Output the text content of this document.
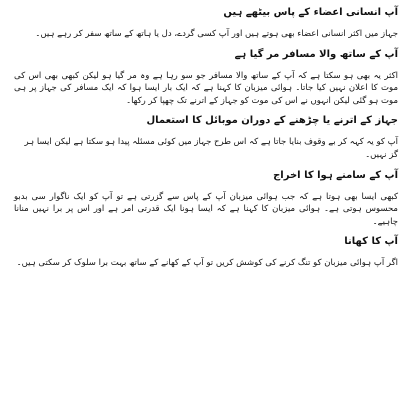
آپ انسانی اعضاء کے پاس بیٹھے ہیں

جہاز میں اکثر انسانی اعضاء بھی ہوتے ہیں اور آپ کسی گردے، دل یا ہاتھ کے ساتھ سفر کر رہے ہیں۔

آپ کے ساتھ والا مسافر مر گیا ہے

اکثر یہ بھی ہو سکتا ہے کہ آپ کے ساتھ والا مسافر جو سو رہا ہے وہ مر گیا ہو لیکن کبھی بھی اس کی موت کا اعلان نہیں کیا جاتا۔ ہوائی میزبان کا کہنا ہے کہ ایک بار ایسا ہوا کہ ایک مسافر کی جہاز پر ہی موت ہو گئی لیکن انہوں نے اس کی موت کو جہاز کے اترنے تک چھپا کر رکھا۔

جہاز کے اترنے یا چڑھنے کے دوران موبائل کا استعمال

آپ کو یہ کہہ کر بے وقوف بنایا جاتا ہے کہ اس طرح جہاز میں کوئی مسئلہ پیدا ہو سکتا ہے لیکن ایسا ہر گز نہیں۔

آپ کے سامنے ہوا کا اخراج

کبھی ایسا بھی ہوتا ہے کہ جب ہوائی میزبان آپ کے پاس سے گزرتی ہے تو آپ کو ایک ناگوار سی بدبو محسوس ہوتی ہے۔ ہوائی میزبان کا کہنا ہے کہ ایسا ہونا ایک قدرتی امر ہے اور اس پر برا نہیں منانا چاہیے۔

آپ کا کھانا

اگر آپ ہوائی میزبان کو تنگ کرنے کی کوشش کریں تو آپ کے کھانے کے ساتھ بہت برا سلوک کر سکتی ہیں۔
